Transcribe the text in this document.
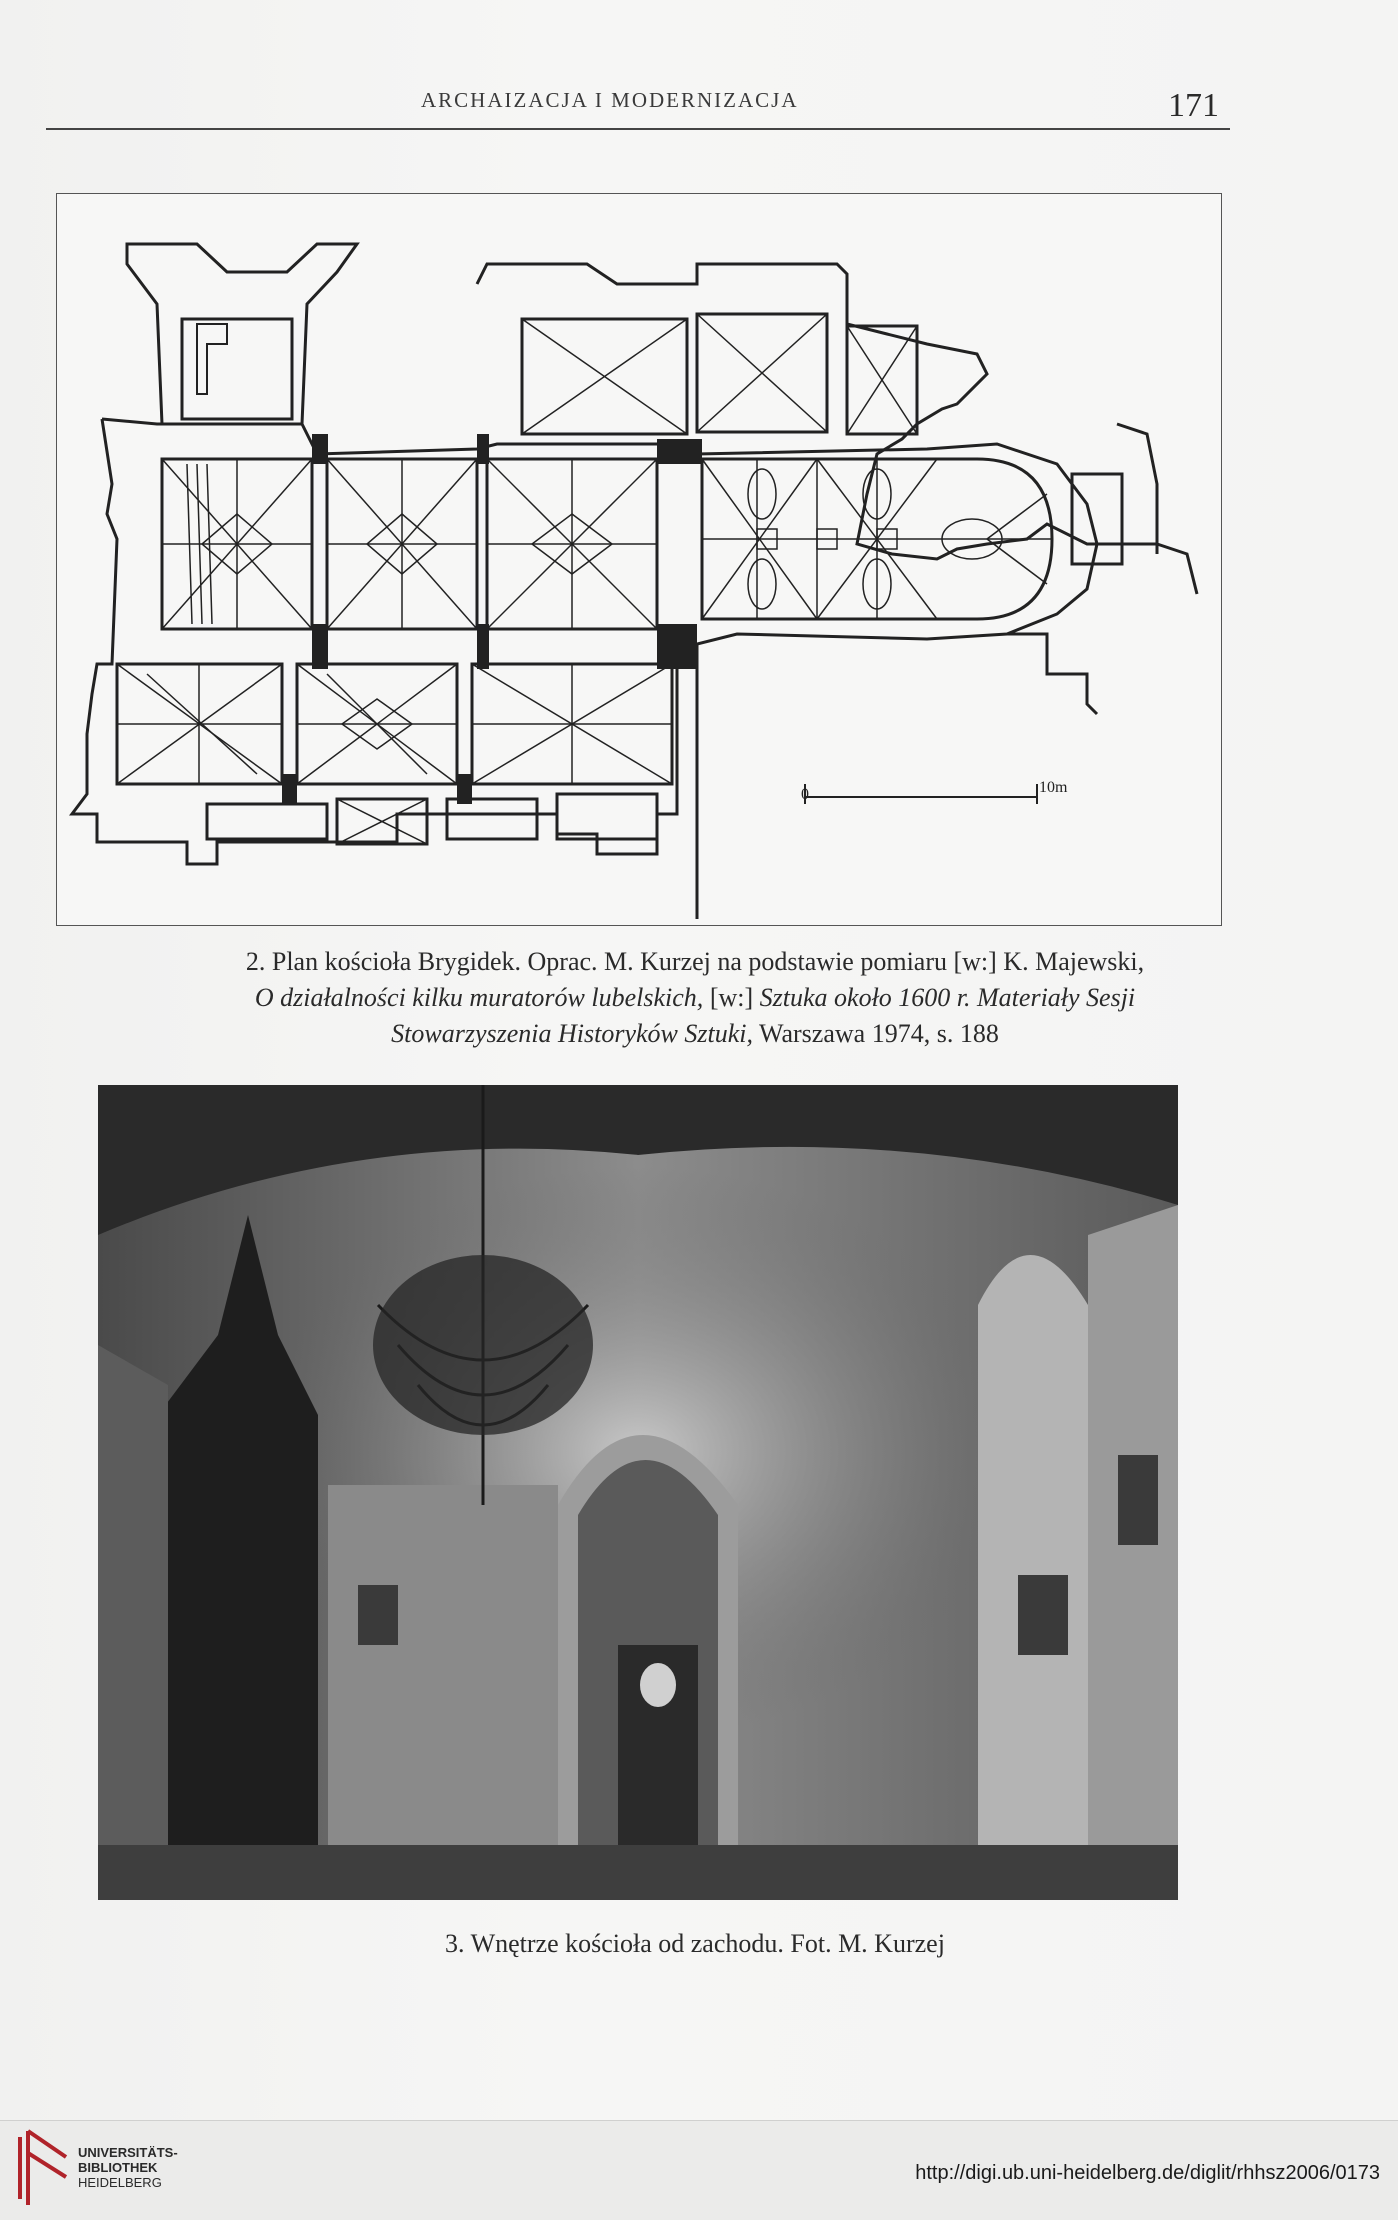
ARCHAIZACJA I MODERNIZACJA	171
0	10m
2. Plan kościoła Brygidek. Oprac. M. Kurzej na podstawie pomiaru [w:] K. Majewski,
O działalności kilku muratorów lubelskich, [w:] Sztuka około 1600 r. Materiały Sesji
Stowarzyszenia Historyków Sztuki, Warszawa 1974, s. 188
3. Wnętrze kościoła od zachodu. Fot. M. Kurzej
UNIVERSITÄTS-
BIBLIOTHEK
HEIDELBERG	http://digi.ub.uni-heidelberg.de/diglit/rhhsz2006/0173
